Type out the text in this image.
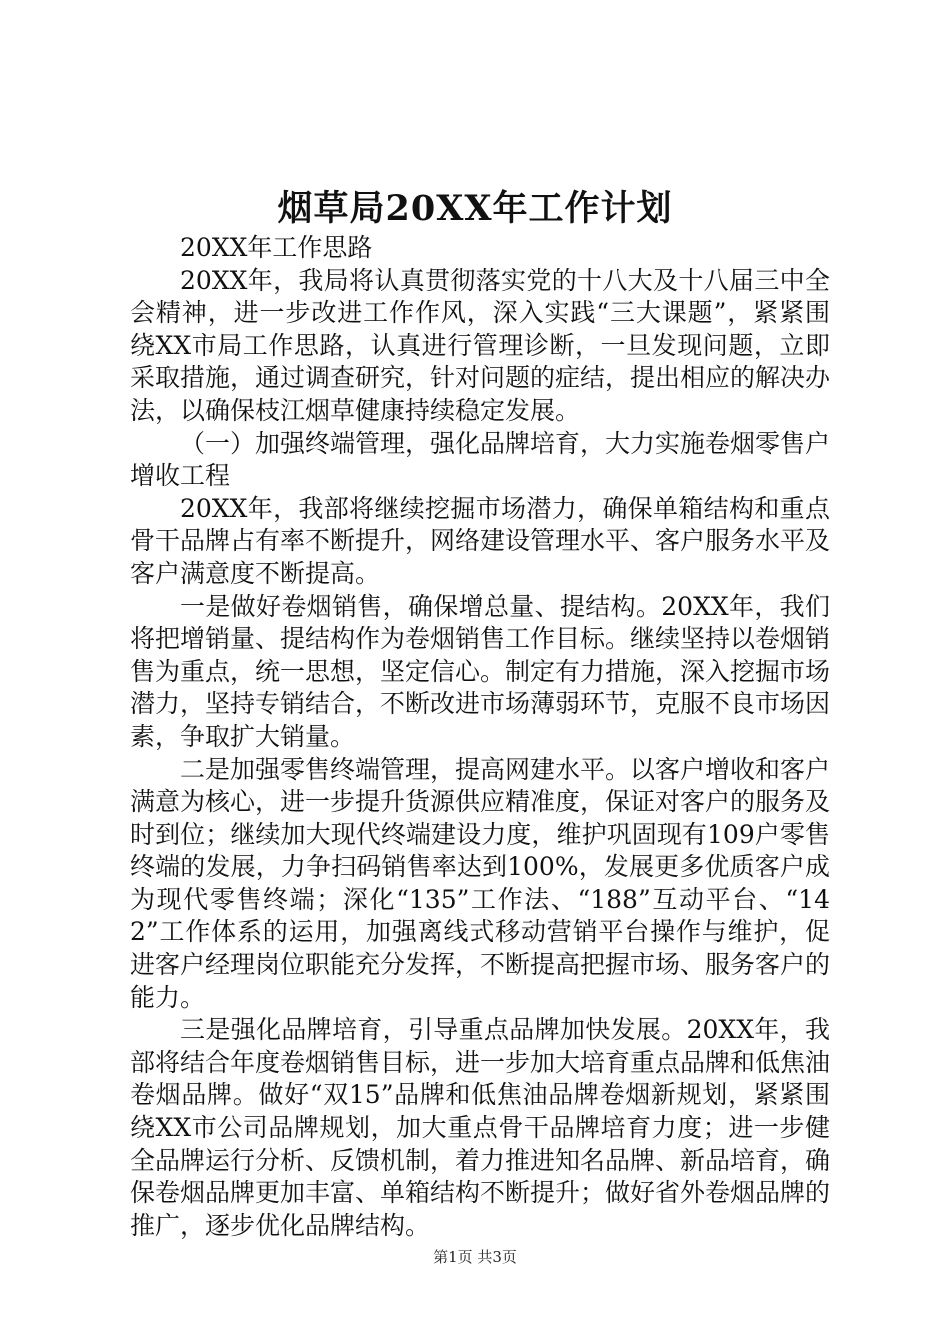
烟草局20XX年工作计划

20XX年工作思路

20XX年，我局将认真贯彻落实党的十八大及十八届三中全会精神，进一步改进工作作风，深入实践“三大课题”，紧紧围绕XX市局工作思路，认真进行管理诊断，一旦发现问题，立即采取措施，通过调查研究，针对问题的症结，提出相应的解决办法，以确保枝江烟草健康持续稳定发展。

（一）加强终端管理，强化品牌培育，大力实施卷烟零售户增收工程

20XX年，我部将继续挖掘市场潜力，确保单箱结构和重点骨干品牌占有率不断提升，网络建设管理水平、客户服务水平及客户满意度不断提高。

一是做好卷烟销售，确保增总量、提结构。20XX年，我们将把增销量、提结构作为卷烟销售工作目标。继续坚持以卷烟销售为重点，统一思想，坚定信心。制定有力措施，深入挖掘市场潜力，坚持专销结合，不断改进市场薄弱环节，克服不良市场因素，争取扩大销量。

二是加强零售终端管理，提高网建水平。以客户增收和客户满意为核心，进一步提升货源供应精准度，保证对客户的服务及时到位；继续加大现代终端建设力度，维护巩固现有109户零售终端的发展，力争扫码销售率达到100%，发展更多优质客户成为现代零售终端；深化“135”工作法、“188”互动平台、“142”工作体系的运用，加强离线式移动营销平台操作与维护，促进客户经理岗位职能充分发挥，不断提高把握市场、服务客户的能力。

三是强化品牌培育，引导重点品牌加快发展。20XX年，我部将结合年度卷烟销售目标，进一步加大培育重点品牌和低焦油卷烟品牌。做好“双15”品牌和低焦油品牌卷烟新规划，紧紧围绕XX市公司品牌规划，加大重点骨干品牌培育力度；进一步健全品牌运行分析、反馈机制，着力推进知名品牌、新品培育，确保卷烟品牌更加丰富、单箱结构不断提升；做好省外卷烟品牌的推广，逐步优化品牌结构。

第1页 共3页
